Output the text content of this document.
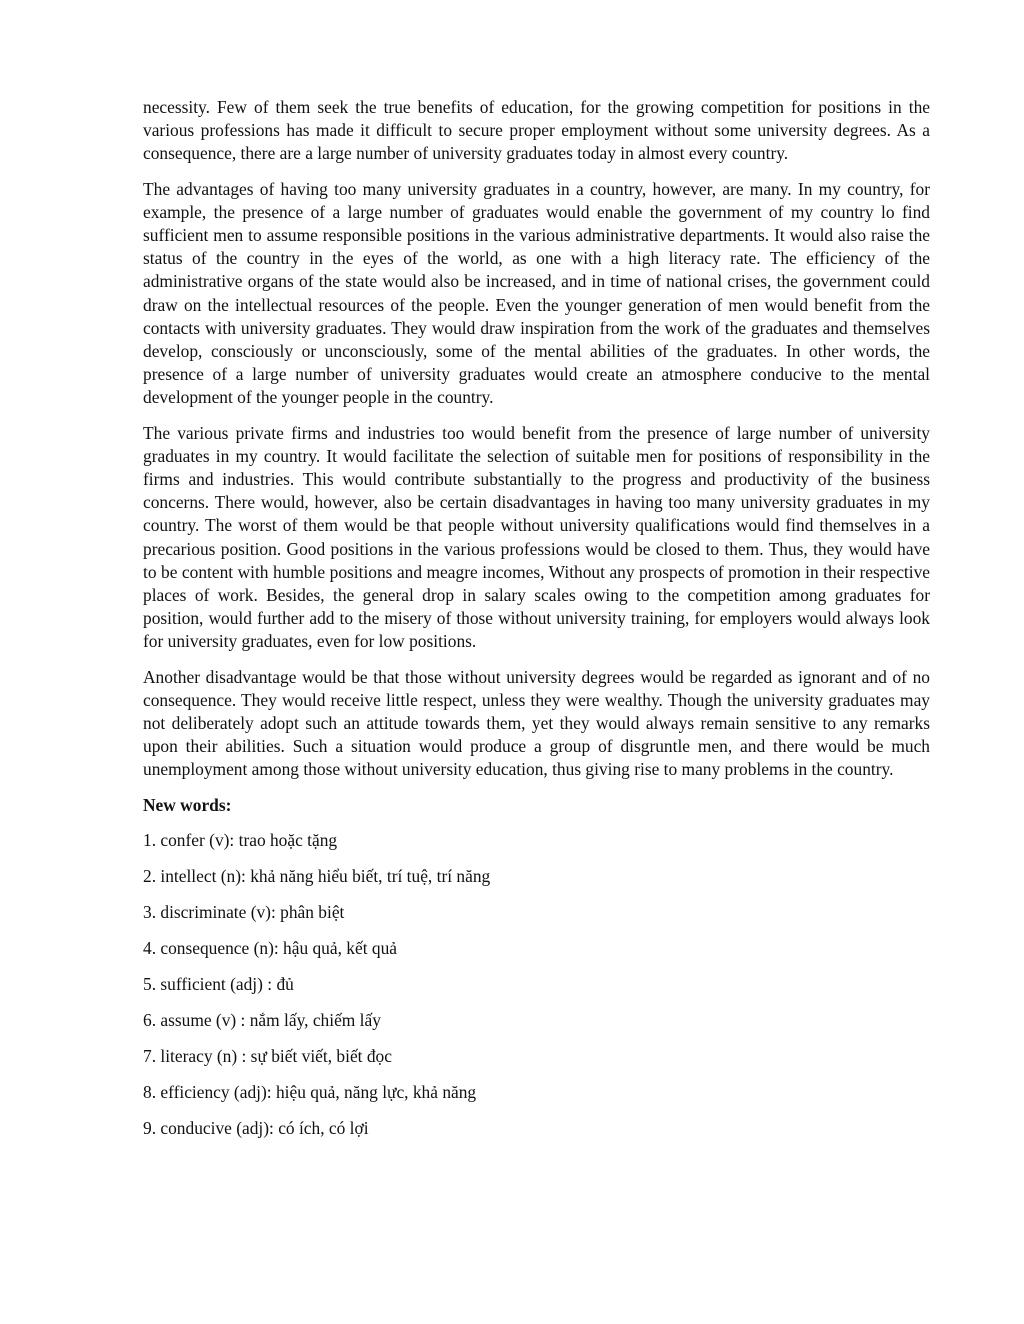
necessity. Few of them seek the true benefits of education, for the growing competition for positions in the various professions has made it difficult to secure proper employment without some university degrees. As a consequence, there are a large number of university graduates today in almost every country.

The advantages of having too many university graduates in a country, however, are many. In my country, for example, the presence of a large number of graduates would enable the government of my country lo find sufficient men to assume responsible positions in the various administrative departments. It would also raise the status of the country in the eyes of the world, as one with a high literacy rate. The efficiency of the administrative organs of the state would also be increased, and in time of national crises, the government could draw on the intellectual resources of the people. Even the younger generation of men would benefit from the contacts with university graduates. They would draw inspiration from the work of the graduates and themselves develop, consciously or unconsciously, some of the mental abilities of the graduates. In other words, the presence of a large number of university graduates would create an atmosphere conducive to the mental development of the younger people in the country.

The various private firms and industries too would benefit from the presence of large number of university graduates in my country. It would facilitate the selection of suitable men for positions of responsibility in the firms and industries. This would contribute substantially to the progress and productivity of the business concerns. There would, however, also be certain disadvantages in having too many university graduates in my country. The worst of them would be that people without university qualifications would find themselves in a precarious position. Good positions in the various professions would be closed to them. Thus, they would have to be content with humble positions and meagre incomes, Without any prospects of promotion in their respective places of work. Besides, the general drop in salary scales owing to the competition among graduates for position, would further add to the misery of those without university training, for employers would always look for university graduates, even for low positions.

Another disadvantage would be that those without university degrees would be regarded as ignorant and of no consequence. They would receive little respect, unless they were wealthy. Though the university graduates may not deliberately adopt such an attitude towards them, yet they would always remain sensitive to any remarks upon their abilities. Such a situation would produce a group of disgruntle men, and there would be much unemployment among those without university education, thus giving rise to many problems in the country.

New words:
1. confer (v): trao hoặc tặng
2. intellect (n): khả năng hiểu biết, trí tuệ, trí năng
3. discriminate (v): phân biệt
4. consequence (n): hậu quả, kết quả
5. sufficient (adj) : đủ
6. assume (v) : nắm lấy, chiếm lấy
7. literacy (n) : sự biết viết, biết đọc
8. efficiency (adj): hiệu quả, năng lực, khả năng
9. conducive (adj): có ích, có lợi
